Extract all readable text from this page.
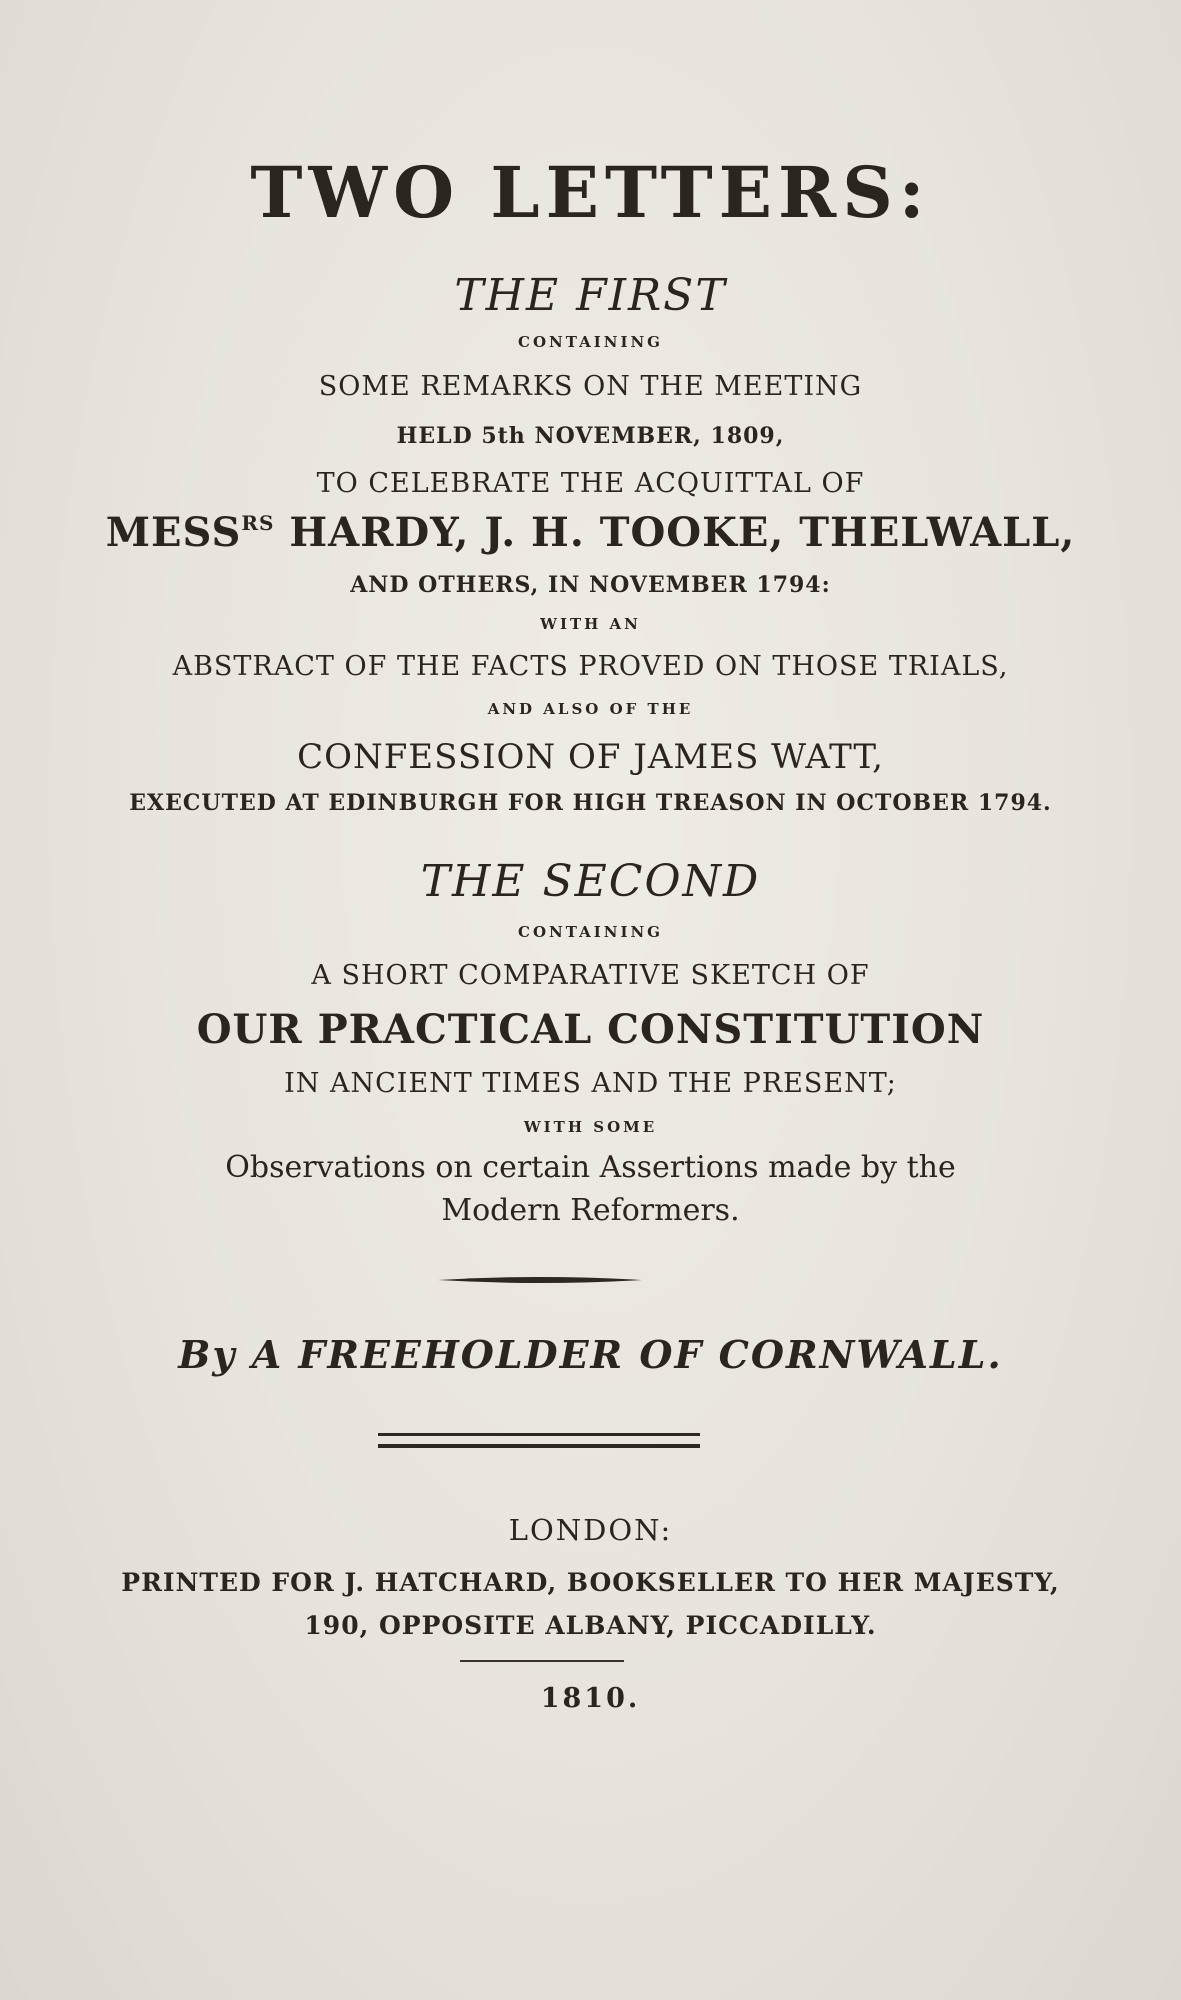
TWO LETTERS:

THE FIRST

CONTAINING

SOME REMARKS ON THE MEETING

HELD 5th NOVEMBER, 1809,

TO CELEBRATE THE ACQUITTAL OF

$MESS^{RS}$ HARDY, J. H. TOOKE, THELWALL,

AND OTHERS, IN NOVEMBER 1794:

WITH AN

ABSTRACT OF THE FACTS PROVED ON THOSE TRIALS,

AND ALSO OF THE

CONFESSION OF JAMES WATT,

EXECUTED AT EDINBURGH FOR HIGH TREASON IN OCTOBER 1794.

THE SECOND

CONTAINING

A SHORT COMPARATIVE SKETCH OF

OUR PRACTICAL CONSTITUTION

IN ANCIENT TIMES AND THE PRESENT;

WITH SOME

Observations on certain Assertions made by the

Modern Reformers.

By A FREEHOLDER OF CORNWALL.

LONDON:

PRINTED FOR J. HATCHARD, BOOKSELLER TO HER MAJESTY,

190, OPPOSITE ALBANY, PICCADILLY.

1810.
